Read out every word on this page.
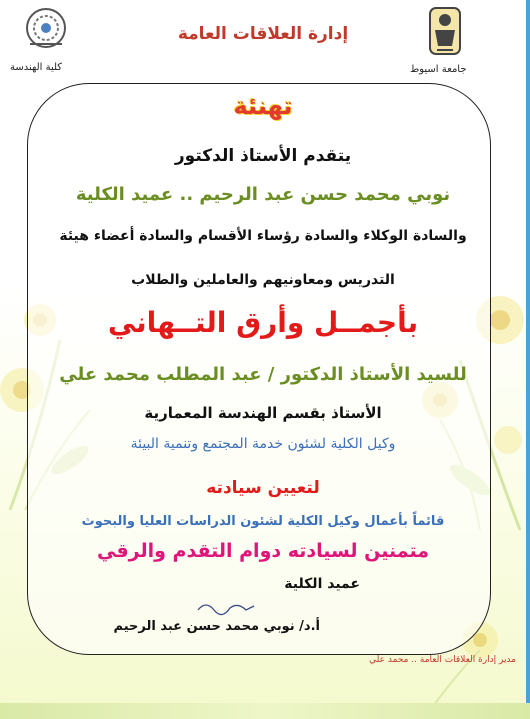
كلية الهندسة
إدارة العلاقات العامة
جامعة اسيوط
تهنئة
يتقدم الأستاذ الدكتور
نوبي محمد حسن عبد الرحيم .. عميد الكلية
والسادة الوكلاء والسادة رؤساء الأقسام والسادة أعضاء هيئة
التدريس ومعاونيهم والعاملين والطلاب
بأجمــل وأرق التــهاني
للسيد الأستاذ الدكتور / عبد المطلب محمد علي
الأستاذ بقسم الهندسة المعمارية
وكيل الكلية لشئون خدمة المجتمع وتنمية البيئة
لتعيين سيادته
قائماً بأعمال وكيل الكلية لشئون الدراسات العليا والبحوث
متمنين لسيادته دوام التقدم والرقي
عميد الكلية
أ.د/ نوبي محمد حسن عبد الرحيم
مدير إدارة العلاقات العامة .. محمد علي
